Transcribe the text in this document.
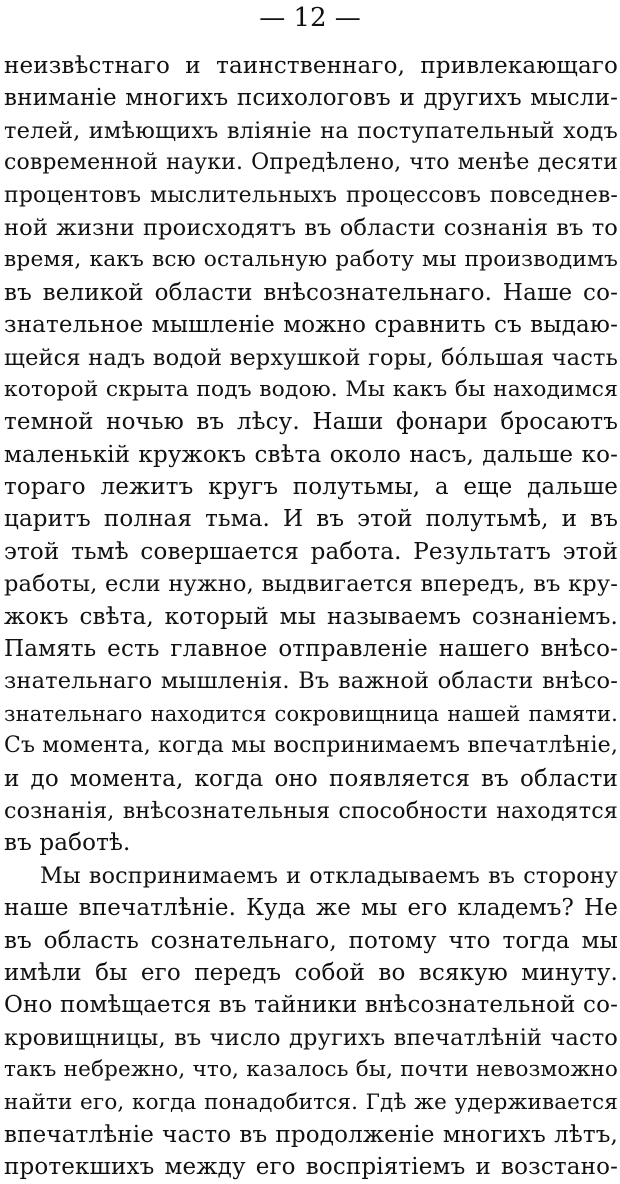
— 12 —
неизвѣстнаго и таинственнаго, привлекающаго
вниманіе многихъ психологовъ и другихъ мысли-
телей, имѣющихъ вліяніе на поступательный ходъ
современной науки. Опредѣлено, что менѣе десяти
процентовъ мыслительныхъ процессовъ повседнев-
ной жизни происходятъ въ области сознанія въ то
время, какъ всю остальную работу мы производимъ
въ великой области внѣсознательнаго. Наше со-
знательное мышленіе можно сравнить съ выдаю-
щейся надъ водой верхушкой горы, бóльшая часть
которой скрыта подъ водою. Мы какъ бы находимся
темной ночью въ лѣсу. Наши фонари бросаютъ
маленькій кружокъ свѣта около насъ, дальше ко-
тораго лежитъ кругъ полутьмы, а еще дальше
царитъ полная тьма. И въ этой полутьмѣ, и въ
этой тьмѣ совершается работа. Результатъ этой
работы, если нужно, выдвигается впередъ, въ кру-
жокъ свѣта, который мы называемъ сознаніемъ.
Память есть главное отправленіе нашего внѣсо-
знательнаго мышленія. Въ важной области внѣсо-
знательнаго находится сокровищница нашей памяти.
Съ момента, когда мы воспринимаемъ впечатлѣніе,
и до момента, когда оно появляется въ области
сознанія, внѣсознательныя способности находятся
въ работѣ.
Мы воспринимаемъ и откладываемъ въ сторону
наше впечатлѣніе. Куда же мы его кладемъ? Не
въ область сознательнаго, потому что тогда мы
имѣли бы его передъ собой во всякую минуту.
Оно помѣщается въ тайники внѣсознательной со-
кровищницы, въ число другихъ впечатлѣній часто
такъ небрежно, что, казалось бы, почти невозможно
найти его, когда понадобится. Гдѣ же удерживается
впечатлѣніе часто въ продолженіе многихъ лѣтъ,
протекшихъ между его воспріятіемъ и возстано-
